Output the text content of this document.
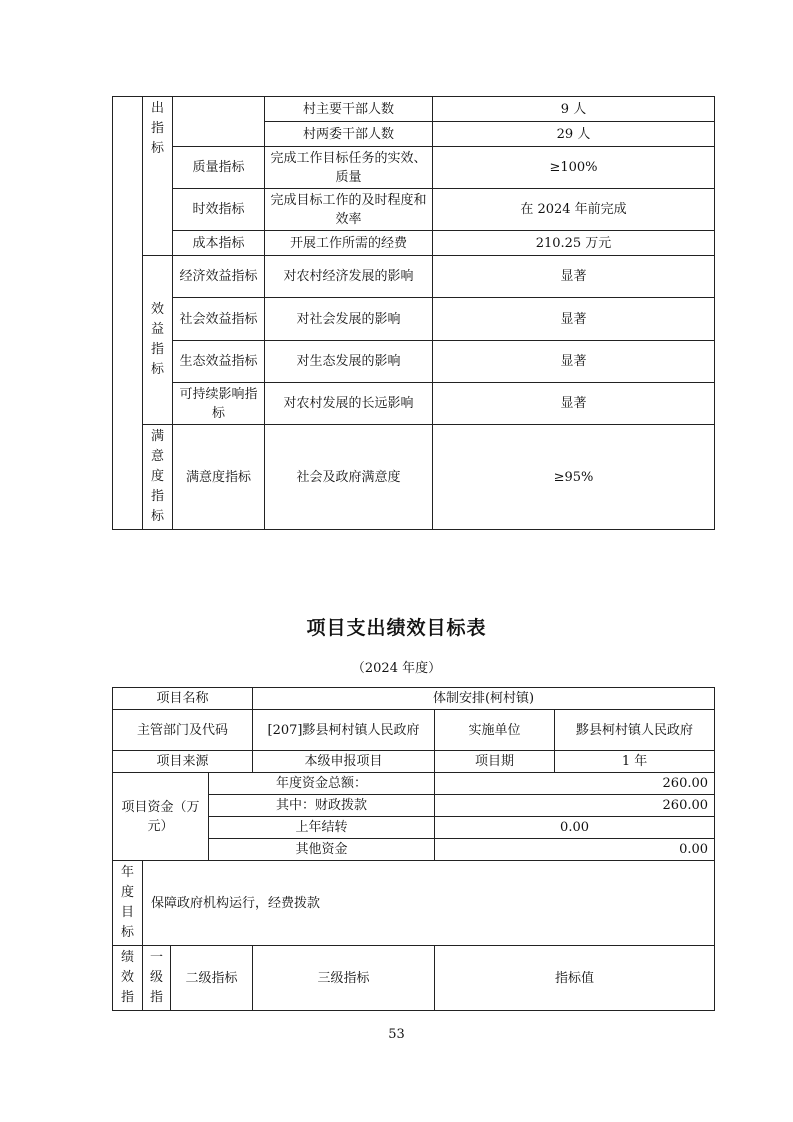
	出指标		村主要干部人数	9 人
			村两委干部人数	29 人
		质量指标	完成工作目标任务的实效、质量	≥100%
		时效指标	完成目标工作的及时程度和效率	在 2024 年前完成
		成本指标	开展工作所需的经费	210.25 万元
	效益指标	经济效益指标	对农村经济发展的影响	显著
		社会效益指标	对社会发展的影响	显著
		生态效益指标	对生态发展的影响	显著
		可持续影响指标	对农村发展的长远影响	显著
	满意度指标	满意度指标	社会及政府满意度	≥95%
项目支出绩效目标表
（2024 年度）
项目名称				体制安排(柯村镇)		
主管部门及代码				[207]黟县柯村镇人民政府	实施单位	黟县柯村镇人民政府
项目来源				本级申报项目	项目期	1 年
项目资金（万元）			年度资金总额：		260.00	
			其中：财政拨款		260.00	
			上年结转		0.00	
			其他资金		0.00	
年度目标	保障政府机构运行，经费拨款					
绩效指	一级指	二级指标		三级指标	指标值	
53
